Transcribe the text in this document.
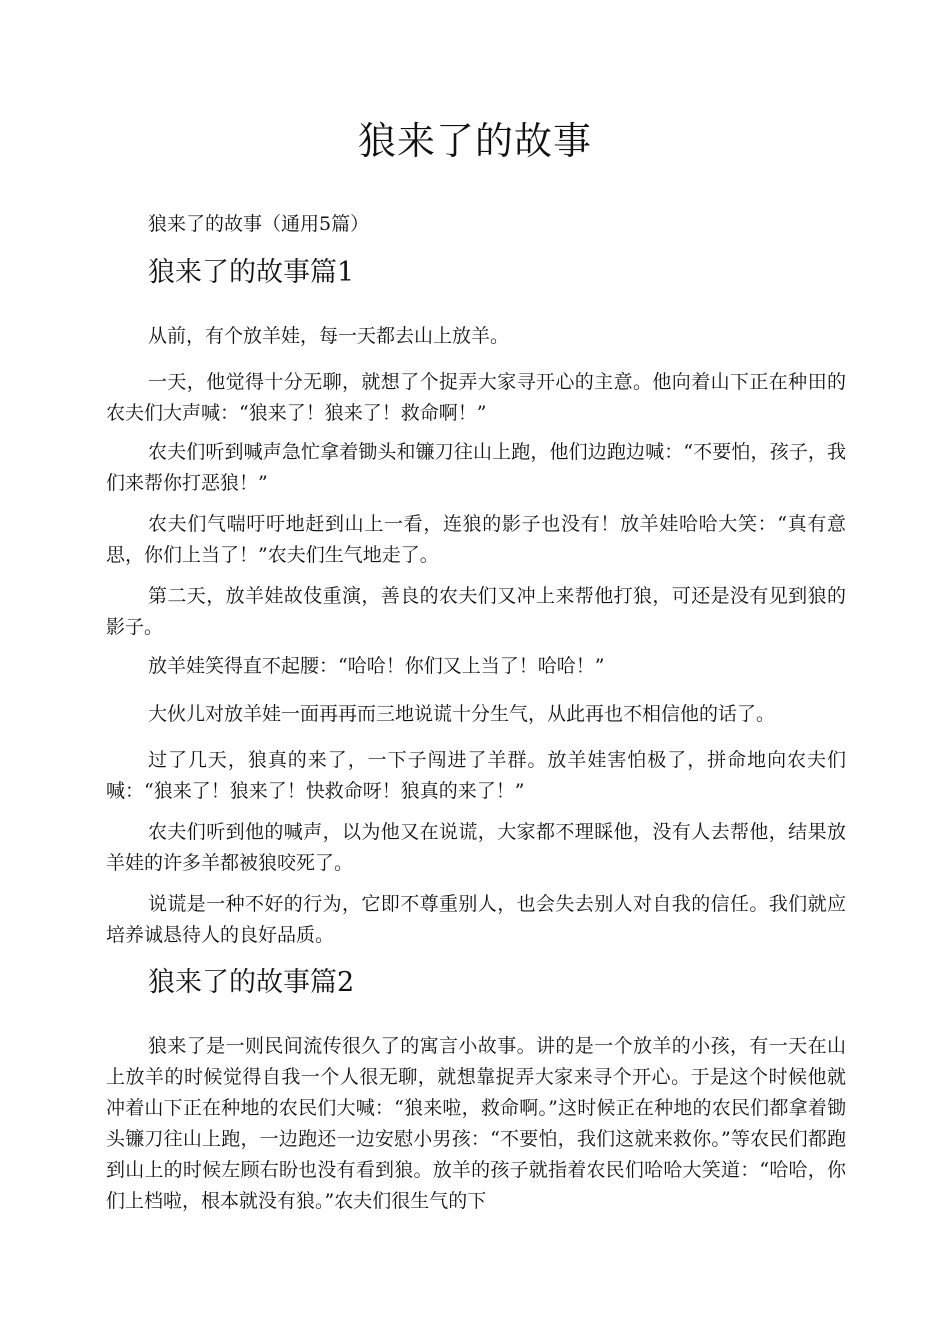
狼来了的故事

狼来了的故事（通用5篇）

狼来了的故事篇1

从前，有个放羊娃，每一天都去山上放羊。

一天，他觉得十分无聊，就想了个捉弄大家寻开心的主意。他向着山下正在种田的农夫们大声喊：“狼来了！狼来了！救命啊！”

农夫们听到喊声急忙拿着锄头和镰刀往山上跑，他们边跑边喊：“不要怕，孩子，我们来帮你打恶狼！”

农夫们气喘吁吁地赶到山上一看，连狼的影子也没有！放羊娃哈哈大笑：“真有意思，你们上当了！”农夫们生气地走了。

第二天，放羊娃故伎重演，善良的农夫们又冲上来帮他打狼，可还是没有见到狼的影子。

放羊娃笑得直不起腰：“哈哈！你们又上当了！哈哈！”

大伙儿对放羊娃一面再再而三地说谎十分生气，从此再也不相信他的话了。

过了几天，狼真的来了，一下子闯进了羊群。放羊娃害怕极了，拼命地向农夫们喊：“狼来了！狼来了！快救命呀！狼真的来了！”

农夫们听到他的喊声，以为他又在说谎，大家都不理睬他，没有人去帮他，结果放羊娃的许多羊都被狼咬死了。

说谎是一种不好的行为，它即不尊重别人，也会失去别人对自我的信任。我们就应培养诚恳待人的良好品质。

狼来了的故事篇2

狼来了是一则民间流传很久了的寓言小故事。讲的是一个放羊的小孩，有一天在山上放羊的时候觉得自我一个人很无聊，就想靠捉弄大家来寻个开心。于是这个时候他就冲着山下正在种地的农民们大喊：“狼来啦，救命啊。”这时候正在种地的农民们都拿着锄头镰刀往山上跑，一边跑还一边安慰小男孩：“不要怕，我们这就来救你。”等农民们都跑到山上的时候左顾右盼也没有看到狼。放羊的孩子就指着农民们哈哈大笑道：“哈哈，你们上档啦，根本就没有狼。”农夫们很生气的下
